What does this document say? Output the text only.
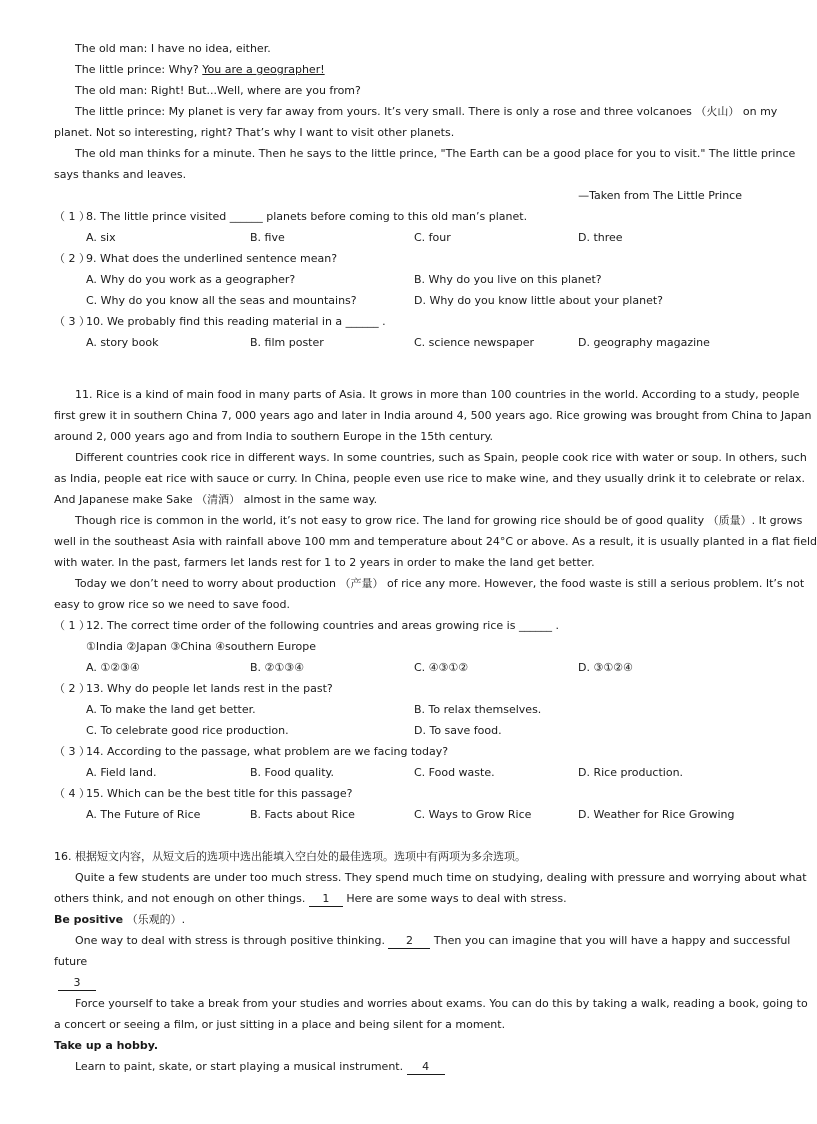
The old man: I have no idea, either.
The little prince: Why? You are a geographer!
The old man: Right! But...Well, where are you from?
The little prince: My planet is very far away from yours. It’s very small. There is only a rose and three volcanoes （火山） on my
planet. Not so interesting, right? That’s why I want to visit other planets.
The old man thinks for a minute. Then he says to the little prince, "The Earth can be a good place for you to visit." The little prince
says thanks and leaves.
—Taken from The Little Prince
（ 1 ）
8. The little prince visited ______ planets before coming to this old man’s planet.
A. six	B. five	C. four	D. three
（ 2 ）
9. What does the underlined sentence mean?
A. Why do you work as a geographer?	B. Why do you live on this planet?
C. Why do you know all the seas and mountains?	D. Why do you know little about your planet?
（ 3 ）
10. We probably find this reading material in a ______ .
A. story book	B. film poster	C. science newspaper	D. geography magazine
11. Rice is a kind of main food in many parts of Asia. It grows in more than 100 countries in the world. According to a study, people
first grew it in southern China 7, 000 years ago and later in India around 4, 500 years ago. Rice growing was brought from China to Japan
around 2, 000 years ago and from India to southern Europe in the 15th century.
Different countries cook rice in different ways. In some countries, such as Spain, people cook rice with water or soup. In others, such
as India, people eat rice with sauce or curry. In China, people even use rice to make wine, and they usually drink it to celebrate or relax.
And Japanese make Sake （清酒） almost in the same way.
Though rice is common in the world, it’s not easy to grow rice. The land for growing rice should be of good quality （质量）. It grows
well in the southeast Asia with rainfall above 100 mm and temperature about 24°C or above. As a result, it is usually planted in a flat field
with water. In the past, farmers let lands rest for 1 to 2 years in order to make the land get better.
Today we don’t need to worry about production （产量） of rice any more. However, the food waste is still a serious problem. It’s not
easy to grow rice so we need to save food.
（ 1 ）
12. The correct time order of the following countries and areas growing rice is ______ .
①India ②Japan ③China ④southern Europe
A. ①②③④	B. ②①③④	C. ④③①②	D. ③①②④
（ 2 ）
13. Why do people let lands rest in the past?
A. To make the land get better.	B. To relax themselves.
C. To celebrate good rice production.	D. To save food.
（ 3 ）
14. According to the passage, what problem are we facing today?
A. Field land.	B. Food quality.	C. Food waste.	D. Rice production.
（ 4 ）
15. Which can be the best title for this passage?
A. The Future of Rice	B. Facts about Rice	C. Ways to Grow Rice	D. Weather for Rice Growing
16. 根据短文内容，从短文后的选项中选出能填入空白处的最佳选项。选项中有两项为多余选项。
Quite a few students are under too much stress. They spend much time on studying, dealing with pressure and worrying about what
others think, and not enough on other things. 1 Here are some ways to deal with stress.
Be positive （乐观的）.
One way to deal with stress is through positive thinking. 2 Then you can imagine that you will have a happy and successful
future
3
Force yourself to take a break from your studies and worries about exams. You can do this by taking a walk, reading a book, going to
a concert or seeing a film, or just sitting in a place and being silent for a moment.
Take up a hobby.
Learn to paint, skate, or start playing a musical instrument. 4
